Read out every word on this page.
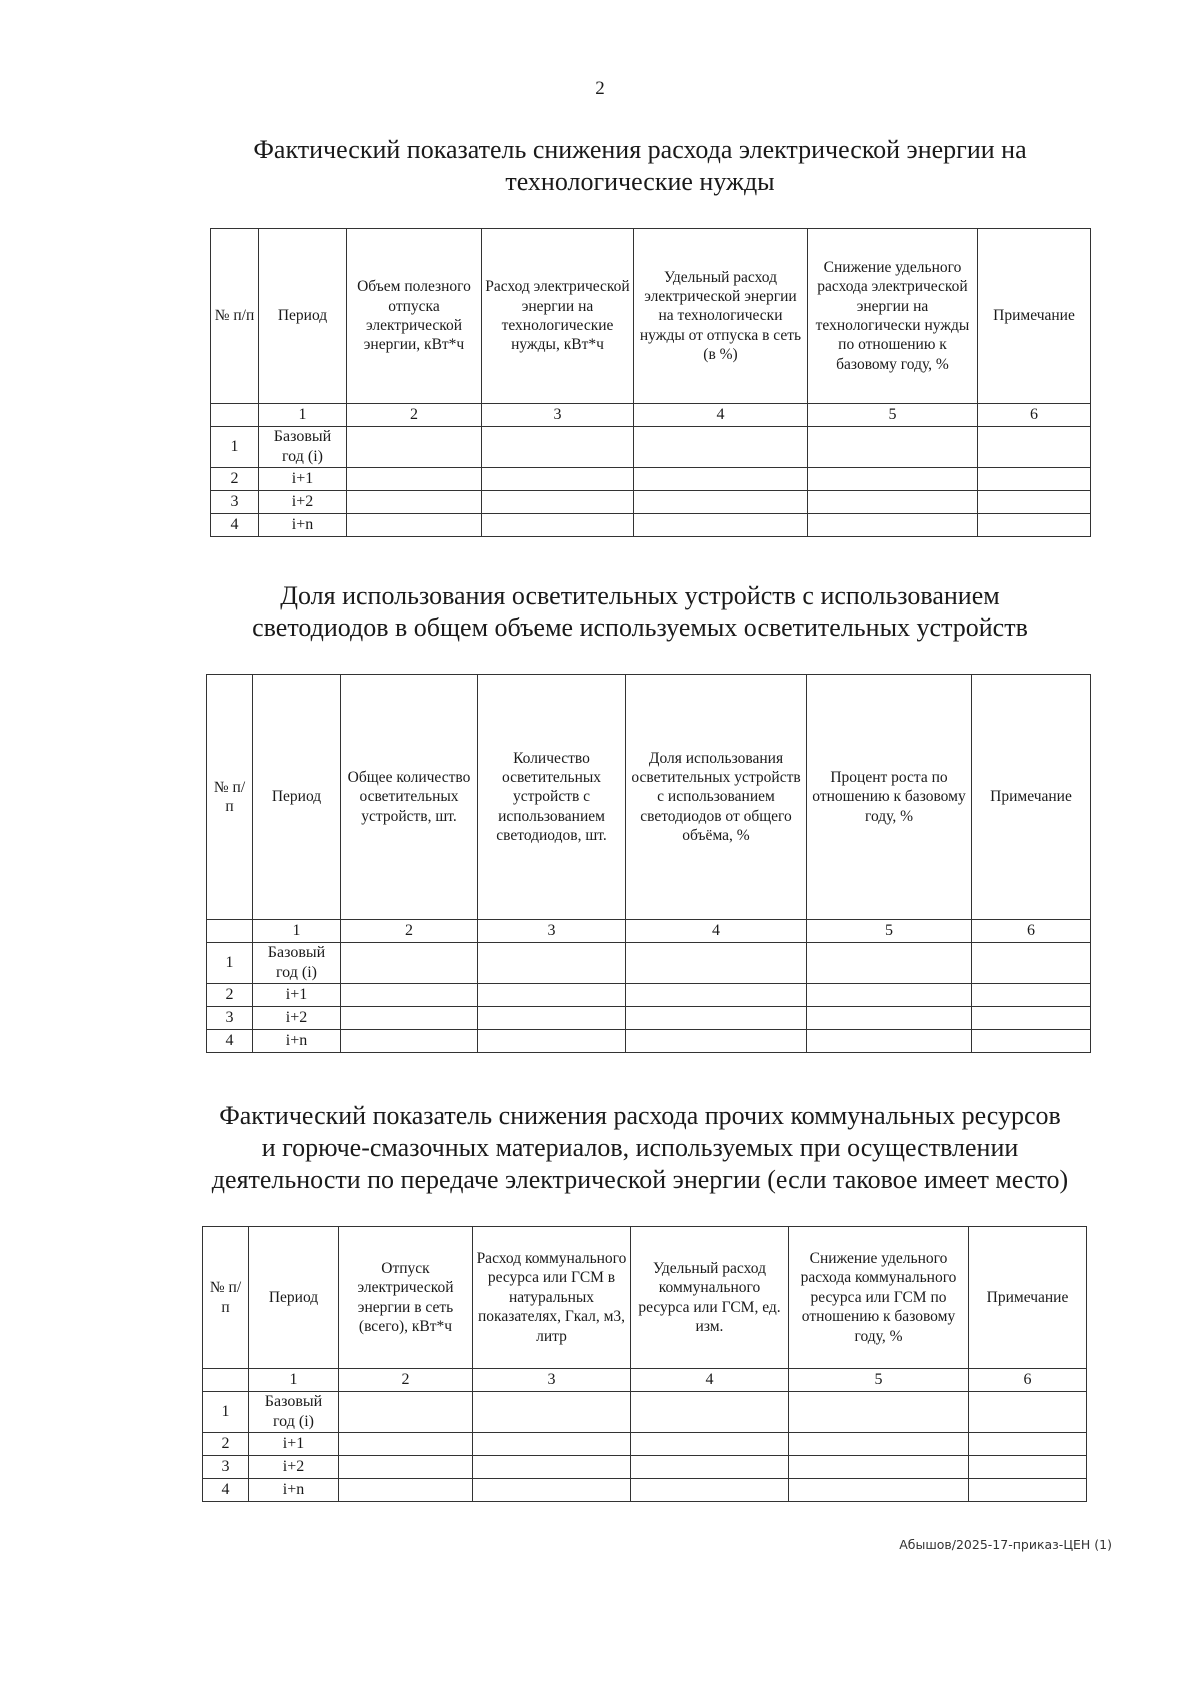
2
Фактический показатель снижения расхода электрической энергии на
технологические нужды
№ п/п	Период	Объем полезного отпуска электрической энергии, кВт*ч	Расход электрической энергии на технологические нужды, кВт*ч	Удельный расход электрической энергии на технологически нужды от отпуска в сеть (в %)	Снижение удельного расхода электрической энергии на технологически нужды по отношению к базовому году, %	Примечание
	1	2	3	4	5	6
1	Базовый год (i)					
2	i+1					
3	i+2					
4	i+n					
Доля использования осветительных устройств с использованием
светодиодов в общем объеме используемых осветительных устройств
№ п/п	Период	Общее количество осветительных устройств, шт.	Количество осветительных устройств с использованием светодиодов, шт.	Доля использования осветительных устройств с использованием светодиодов от общего объёма, %	Процент роста по отношению к базовому году, %	Примечание
	1	2	3	4	5	6
1	Базовый год (i)					
2	i+1					
3	i+2					
4	i+n					
Фактический показатель снижения расхода прочих коммунальных ресурсов
и горюче-смазочных материалов, используемых при осуществлении
деятельности по передаче электрической энергии (если таковое имеет место)
№ п/п	Период	Отпуск электрической энергии в сеть (всего), кВт*ч	Расход коммунального ресурса или ГСМ в натуральных показателях, Гкал, м3, литр	Удельный расход коммунального ресурса или ГСМ, ед. изм.	Снижение удельного расхода коммунального ресурса или ГСМ по отношению к базовому году, %	Примечание
	1	2	3	4	5	6
1	Базовый год (i)					
2	i+1					
3	i+2					
4	i+n					
Абышов/2025-17-приказ-ЦЕН (1)
